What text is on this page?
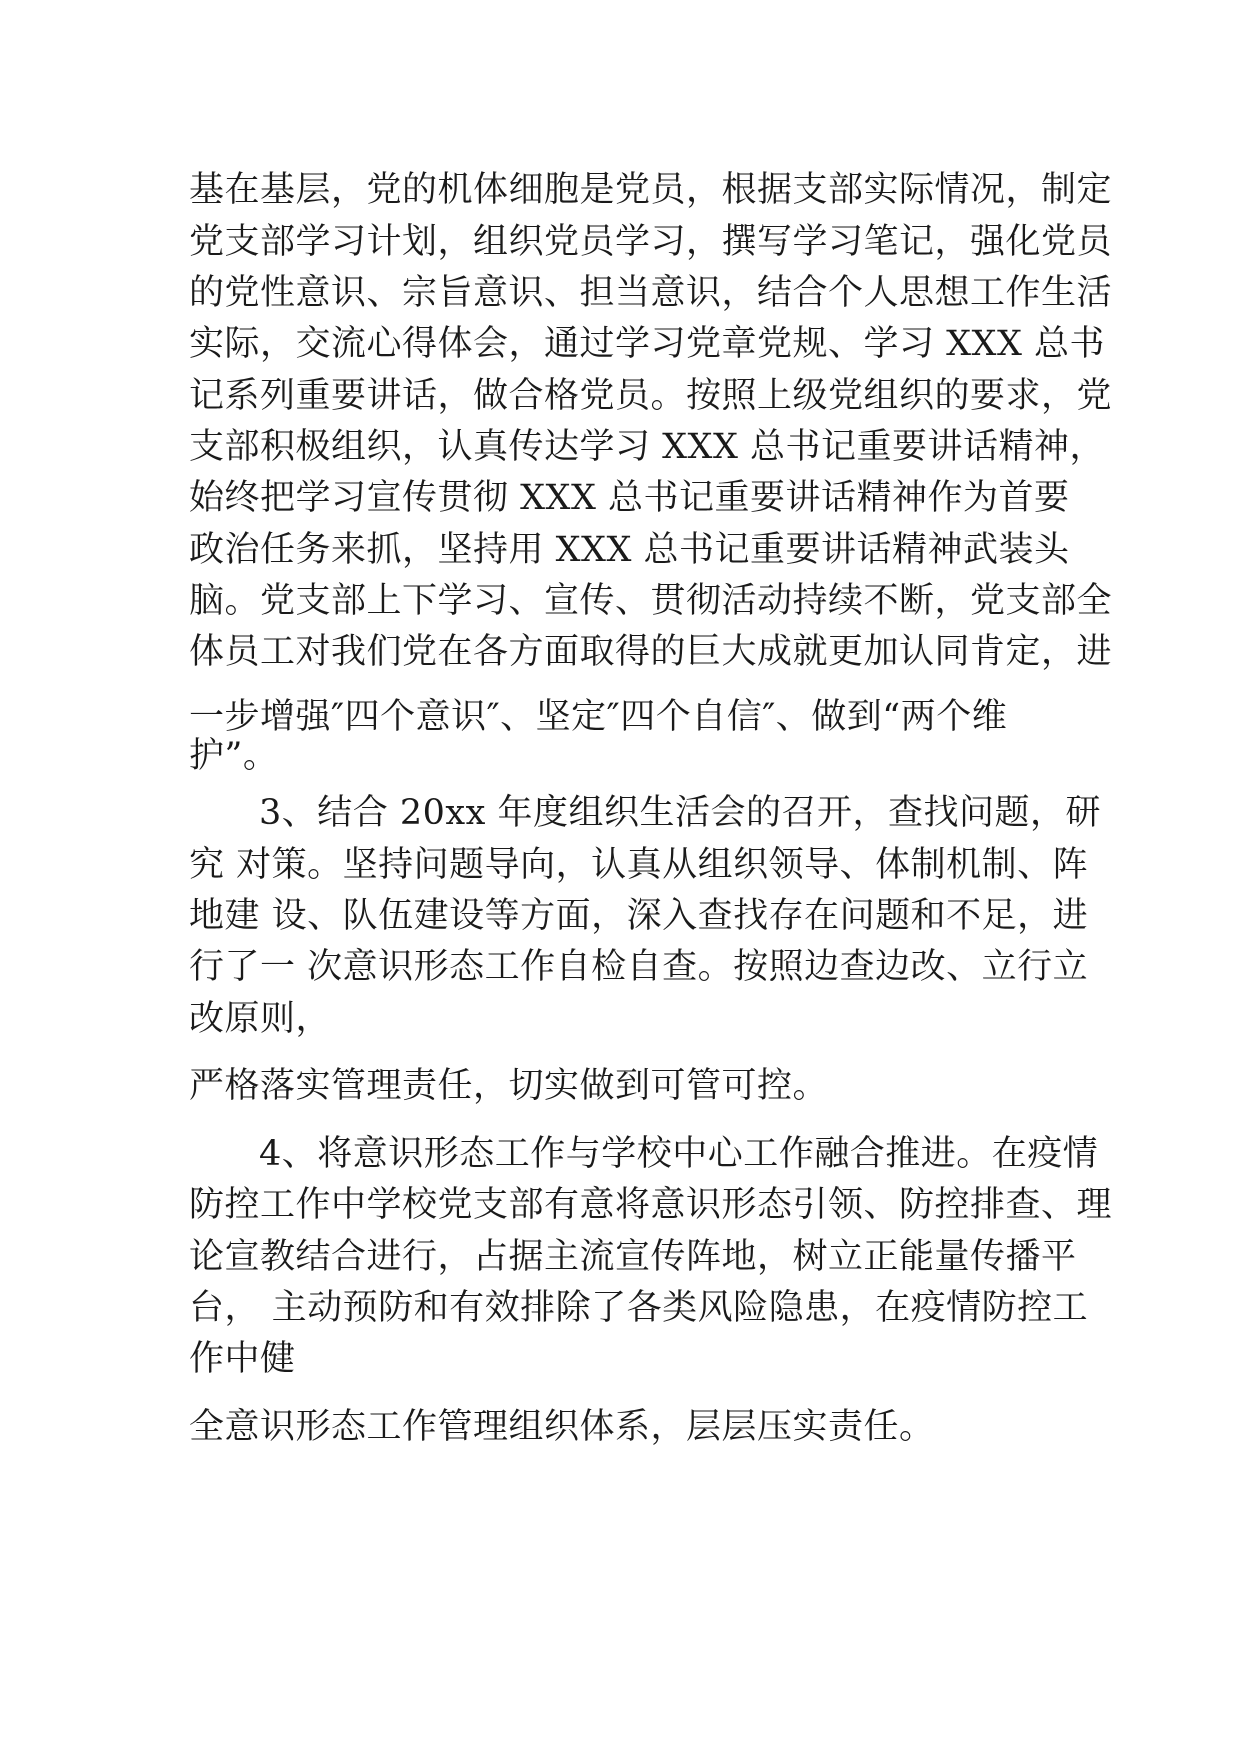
基在基层，党的机体细胞是党员，根据支部实际情况，制定
党支部学习计划，组织党员学习，撰写学习笔记，强化党员
的党性意识、宗旨意识、担当意识，结合个人思想工作生活
实际，交流心得体会，通过学习党章党规、学习 XXX 总书
记系列重要讲话，做合格党员。按照上级党组织的要求，党
支部积极组织，认真传达学习 XXX 总书记重要讲话精神，
始终把学习宣传贯彻 XXX 总书记重要讲话精神作为首要
政治任务来抓，坚持用 XXX 总书记重要讲话精神武装头
脑。党支部上下学习、宣传、贯彻活动持续不断，党支部全
体员工对我们党在各方面取得的巨大成就更加认同肯定，进
一步增强″四个意识″、坚定″四个自信″、做到“两个维
护”。
3、结合 20xx 年度组织生活会的召开，查找问题，研
究 对策。坚持问题导向，认真从组织领导、体制机制、阵
地建 设、队伍建设等方面，深入查找存在问题和不足，进
行了一 次意识形态工作自检自查。按照边查边改、立行立
改原则，
严格落实管理责任，切实做到可管可控。
4、将意识形态工作与学校中心工作融合推进。在疫情
防控工作中学校党支部有意将意识形态引领、防控排查、理
论宣教结合进行，占据主流宣传阵地，树立正能量传播平
台， 主动预防和有效排除了各类风险隐患，在疫情防控工
作中健
全意识形态工作管理组织体系，层层压实责任。
